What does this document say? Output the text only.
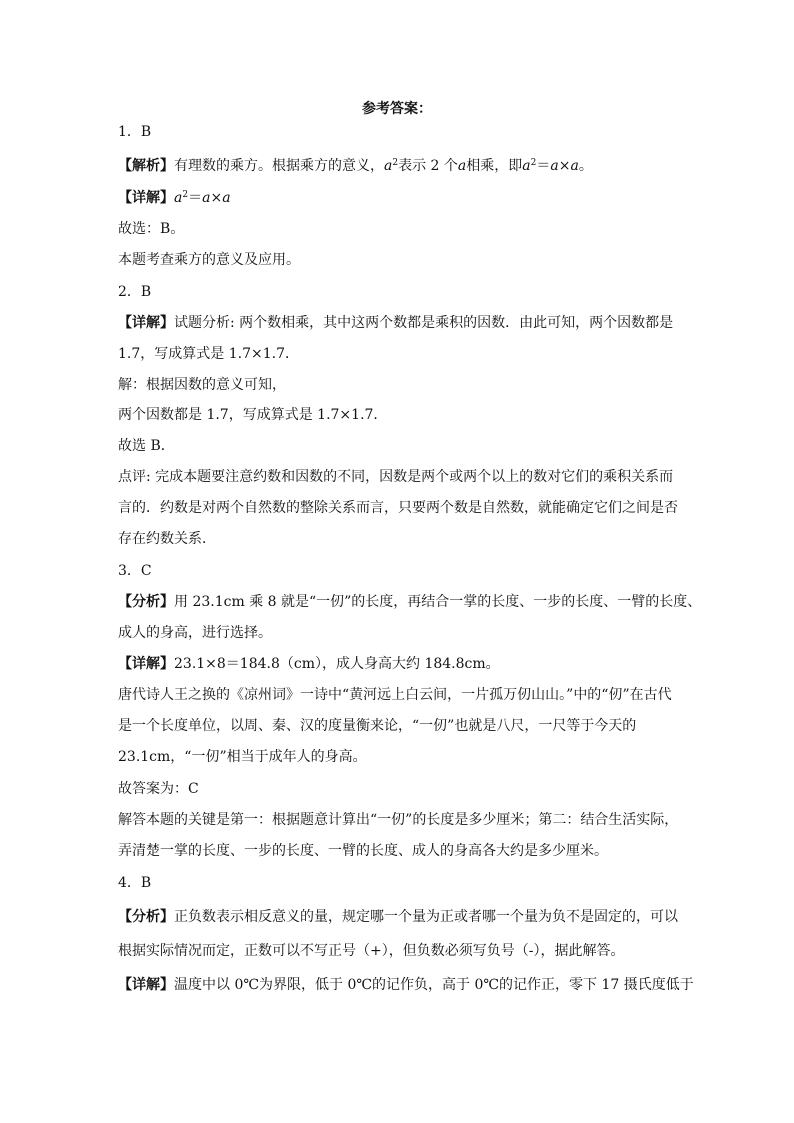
参考答案：
1．B
【解析】有理数的乘方。根据乘方的意义，$a^2$表示 2 个a相乘，即$a^2=a\times a$。
【详解】$a^2=a\times a$
故选：B。
本题考查乘方的意义及应用。
2．B
【详解】试题分析: 两个数相乘，其中这两个数都是乘积的因数．由此可知，两个因数都是
1.7，写成算式是 1.7×1.7．
解：根据因数的意义可知，
两个因数都是 1.7，写成算式是 1.7×1.7．
故选 B．
点评: 完成本题要注意约数和因数的不同，因数是两个或两个以上的数对它们的乘积关系而
言的．约数是对两个自然数的整除关系而言，只要两个数是自然数，就能确定它们之间是否
存在约数关系．
3．C
【分析】用 23.1cm 乘 8 就是“一仞”的长度，再结合一掌的长度、一步的长度、一臂的长度、
成人的身高，进行选择。
【详解】23.1×8＝184.8（cm），成人身高大约 184.8cm。
唐代诗人王之换的《凉州词》一诗中“黄河远上白云间，一片孤万仞山山。”中的“仞”在古代
是一个长度单位，以周、秦、汉的度量衡来论，“一仞”也就是八尺，一尺等于今天的
23.1cm，“一仞”相当于成年人的身高。
故答案为：C
解答本题的关键是第一：根据题意计算出“一仞”的长度是多少厘米；第二：结合生活实际，
弄清楚一掌的长度、一步的长度、一臂的长度、成人的身高各大约是多少厘米。
4．B
【分析】正负数表示相反意义的量，规定哪一个量为正或者哪一个量为负不是固定的，可以
根据实际情况而定，正数可以不写正号（+），但负数必须写负号（-），据此解答。
【详解】温度中以 0℃为界限，低于 0℃的记作负，高于 0℃的记作正，零下 17 摄氏度低于
